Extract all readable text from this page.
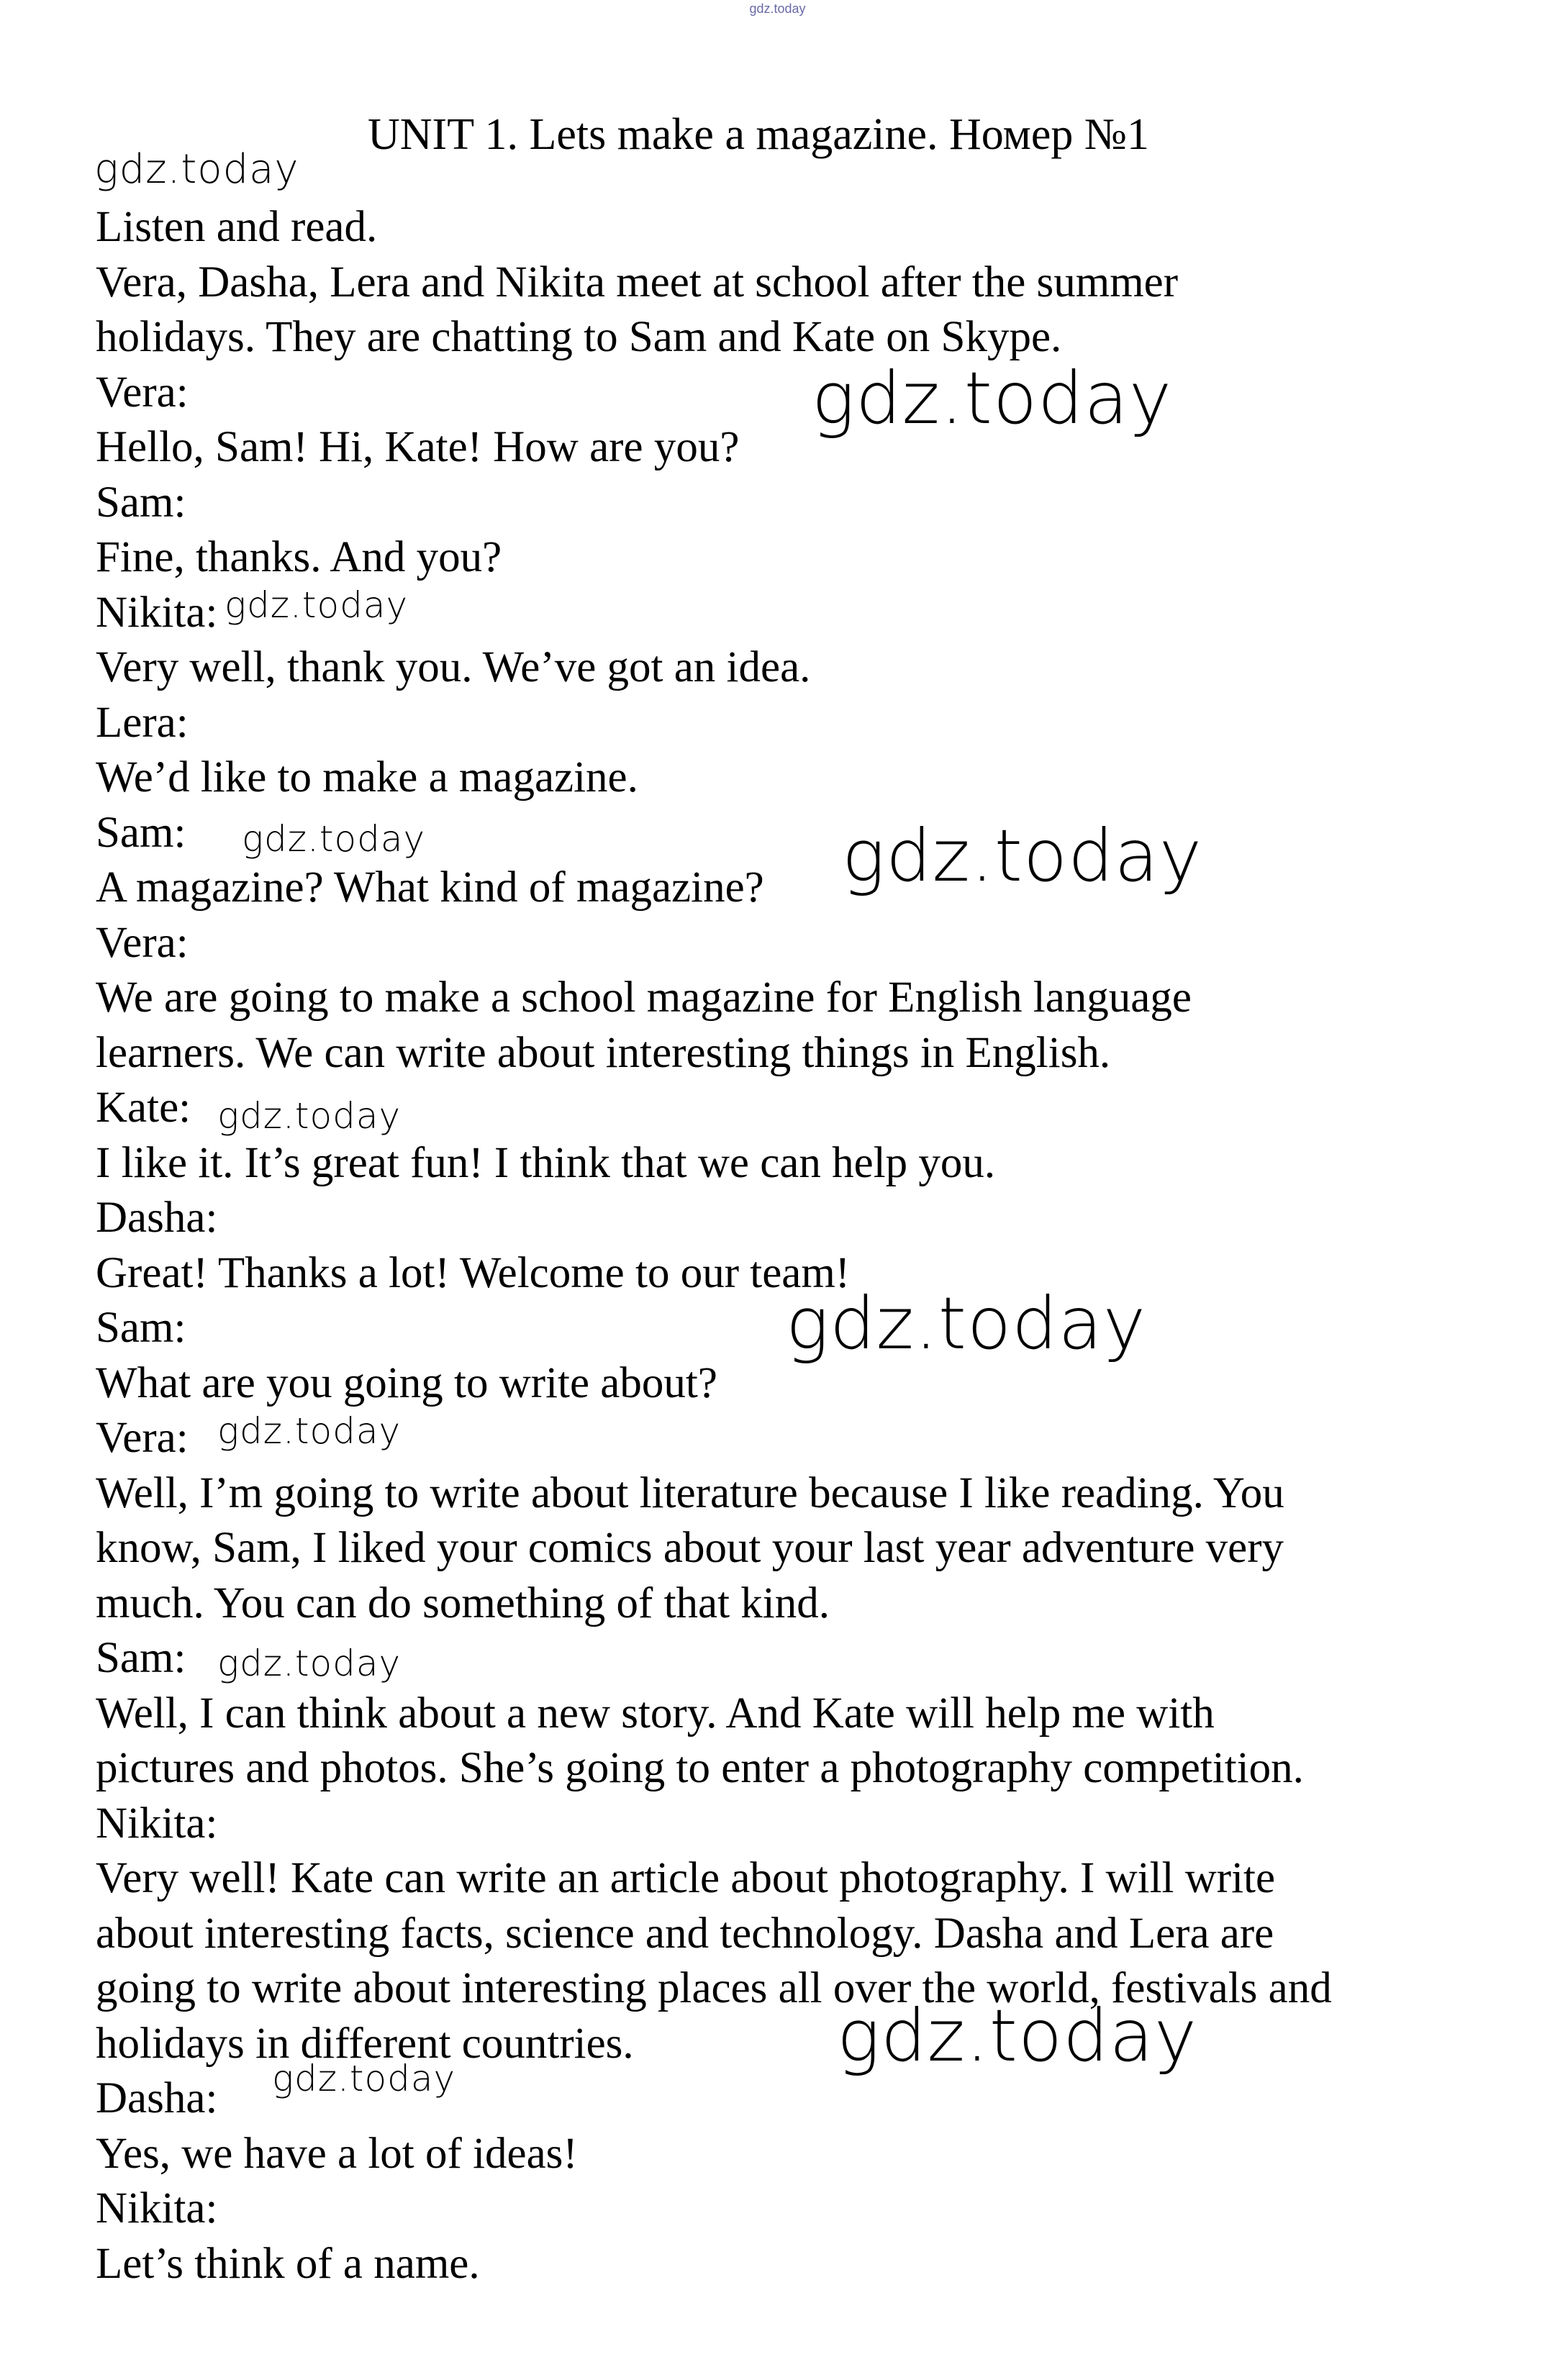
gdz.today
UNIT 1. Lets make a magazine. Номер №1
Listen and read.
Vera, Dasha, Lera and Nikita meet at school after the summer
holidays. They are chatting to Sam and Kate on Skype.
Vera:
Hello, Sam! Hi, Kate! How are you?
Sam:
Fine, thanks. And you?
Nikita:
Very well, thank you. We’ve got an idea.
Lera:
We’d like to make a magazine.
Sam:
A magazine? What kind of magazine?
Vera:
We are going to make a school magazine for English language
learners. We can write about interesting things in English.
Kate:
I like it. It’s great fun! I think that we can help you.
Dasha:
Great! Thanks a lot! Welcome to our team!
Sam:
What are you going to write about?
Vera:
Well, I’m going to write about literature because I like reading. You
know, Sam, I liked your comics about your last year adventure very
much. You can do something of that kind.
Sam:
Well, I can think about a new story. And Kate will help me with
pictures and photos. She’s going to enter a photography competition.
Nikita:
Very well! Kate can write an article about photography. I will write
about interesting facts, science and technology. Dasha and Lera are
going to write about interesting places all over the world, festivals and
holidays in different countries.
Dasha:
Yes, we have a lot of ideas!
Nikita:
Let’s think of a name.
gdz.today
gdz.today
gdz.today
gdz.today	gdz.today
gdz.today
gdz.today
gdz.today
gdz.today
gdz.today
gdz.today
